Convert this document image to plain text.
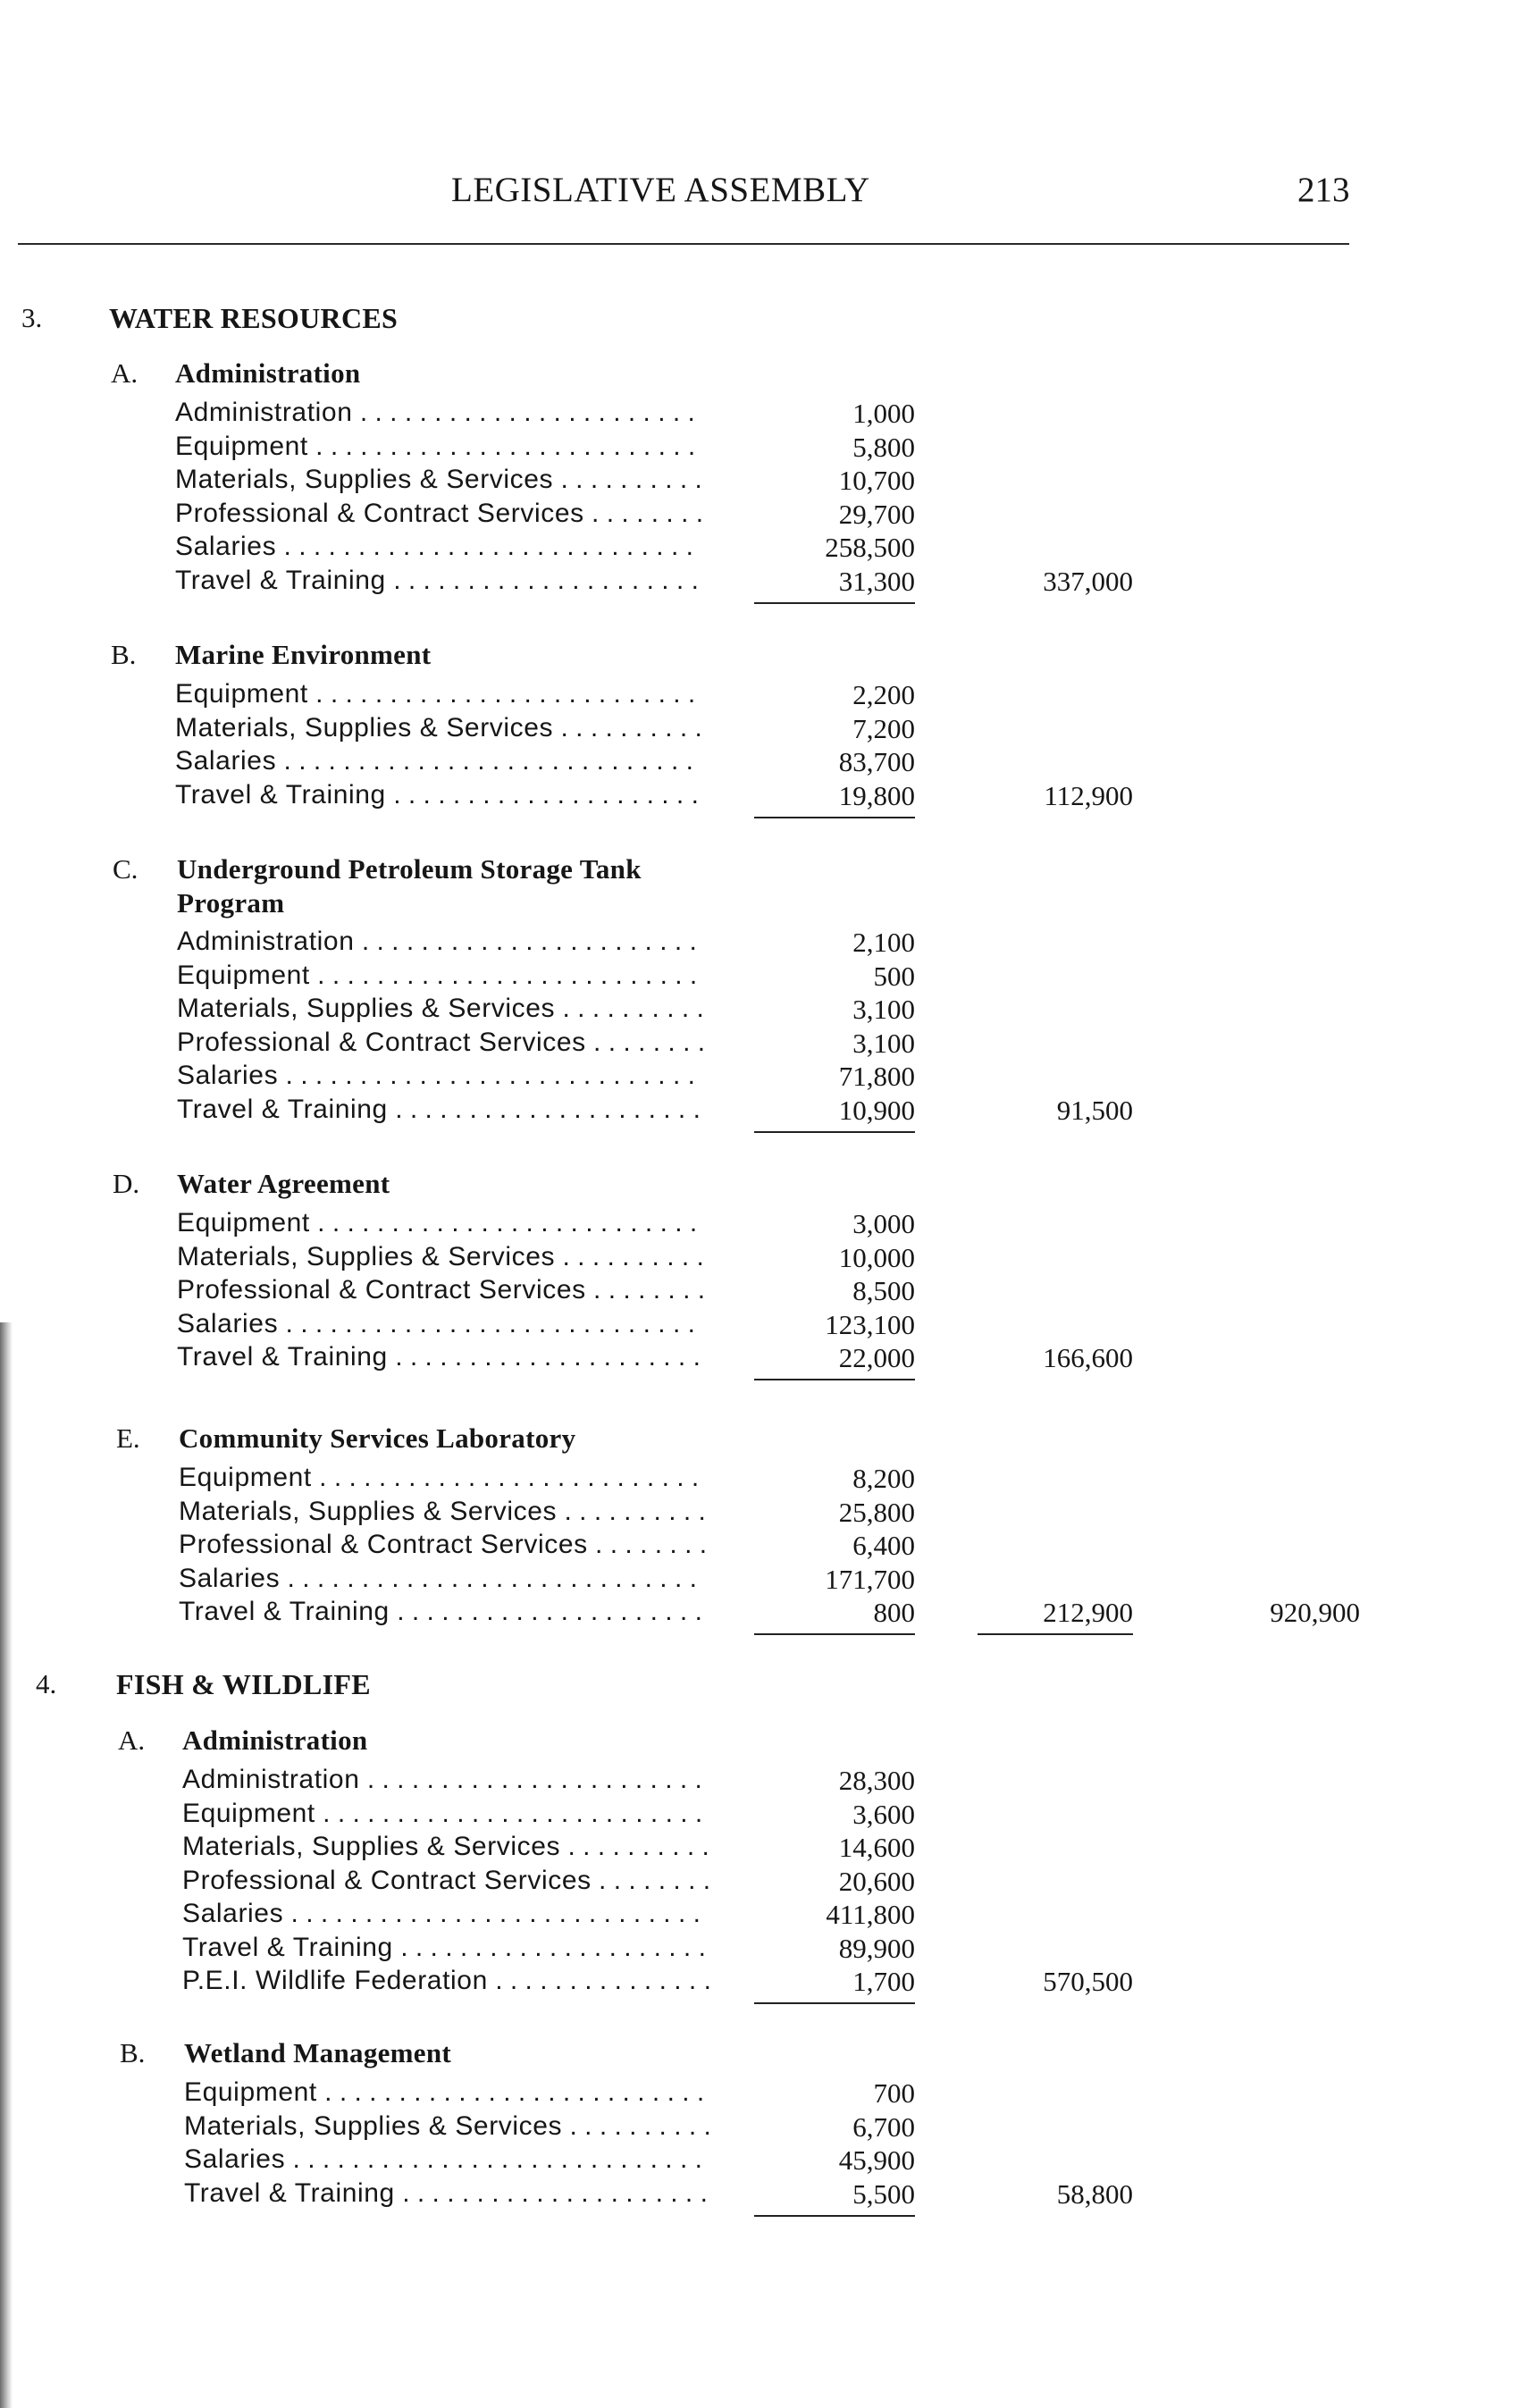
LEGISLATIVE ASSEMBLY	213
3. WATER RESOURCES
A. Administration
Administration . . .	1,000
Equipment . . .	5,800
Materials, Supplies & Services . . .	10,700
Professional & Contract Services . . .	29,700
Salaries . . .	258,500
Travel & Training . . .	31,300	337,000
B. Marine Environment
Equipment . . .	2,200
Materials, Supplies & Services . . .	7,200
Salaries . . .	83,700
Travel & Training . . .	19,800	112,900
C. Underground Petroleum Storage Tank
Program
Administration . . .	2,100
Equipment . . .	500
Materials, Supplies & Services . . .	3,100
Professional & Contract Services . . .	3,100
Salaries . . .	71,800
Travel & Training . . .	10,900	91,500
D. Water Agreement
Equipment . . .	3,000
Materials, Supplies & Services . . .	10,000
Professional & Contract Services . . .	8,500
Salaries . . .	123,100
Travel & Training . . .	22,000	166,600
E. Community Services Laboratory
Equipment . . .	8,200
Materials, Supplies & Services . . .	25,800
Professional & Contract Services . . .	6,400
Salaries . . .	171,700
Travel & Training . . .	800	212,900	920,900
4. FISH & WILDLIFE
A. Administration
Administration . . .	28,300
Equipment . . .	3,600
Materials, Supplies & Services . . .	14,600
Professional & Contract Services . . .	20,600
Salaries . . .	411,800
Travel & Training . . .	89,900
P.E.I. Wildlife Federation . . .	1,700	570,500
B. Wetland Management
Equipment . . .	700
Materials, Supplies & Services . . .	6,700
Salaries . . .	45,900
Travel & Training . . .	5,500	58,800
